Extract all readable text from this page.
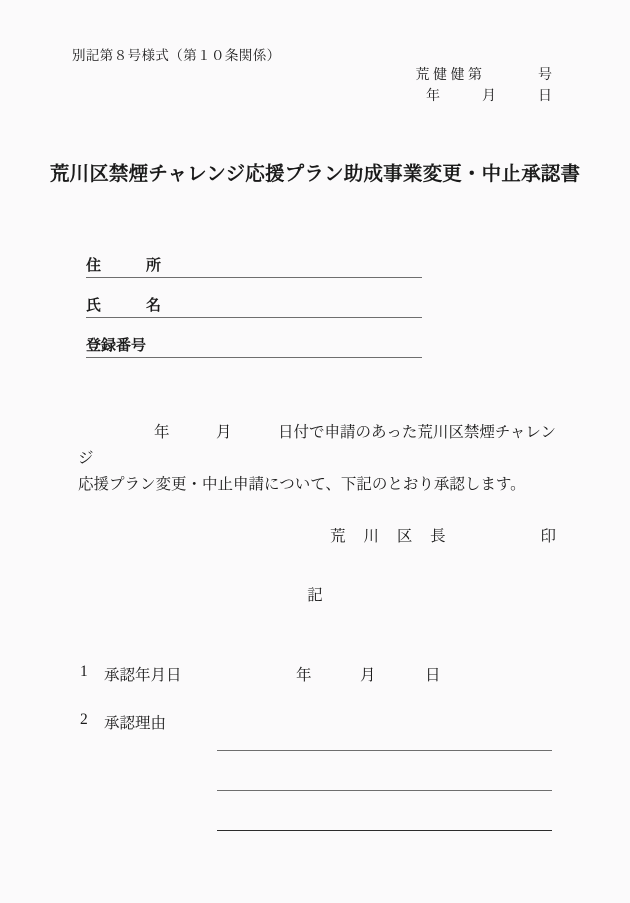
別記第８号様式（第１０条関係）
荒 健 健 第　　　　号
年　　　月　　　日
荒川区禁煙チャレンジ応援プラン助成事業変更・中止承認書
住　　　所
氏　　　名
登録番号
年　　　月　　　日付で申請のあった荒川区禁煙チャレンジ
応援プラン変更・中止申請について、下記のとおり承認します。
印
荒 川 区 長
記
1 承認年月日	年	月	日
2 承認理由
